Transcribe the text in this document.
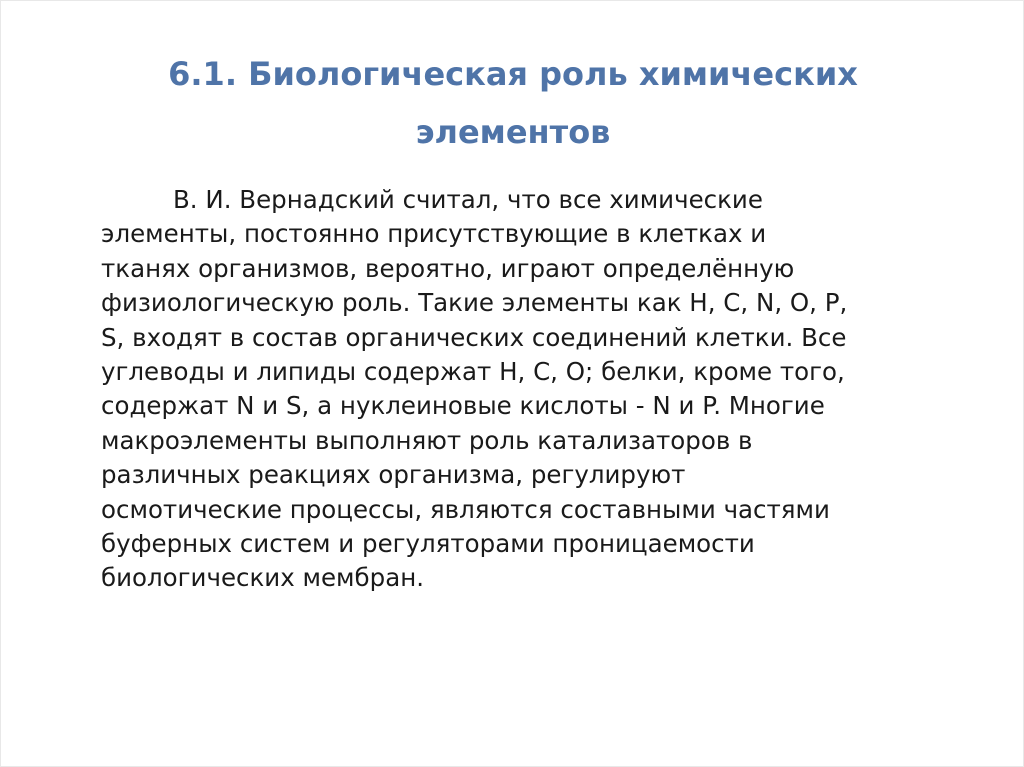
6.1. Биологическая роль химических
элементов
В. И. Вернадский считал, что все химические
элементы, постоянно присутствующие в клетках и
тканях организмов, вероятно, играют определённую
физиологическую роль. Такие элементы как H, C, N, O, P,
S, входят в состав органических соединений клетки. Все
углеводы и липиды содержат H, C, O; белки, кроме того,
содержат N и S, а нуклеиновые кислоты - N и P. Многие
макроэлементы выполняют роль катализаторов в
различных реакциях организма, регулируют
осмотические процессы, являются составными частями
буферных систем и регуляторами проницаемости
биологических мембран.
